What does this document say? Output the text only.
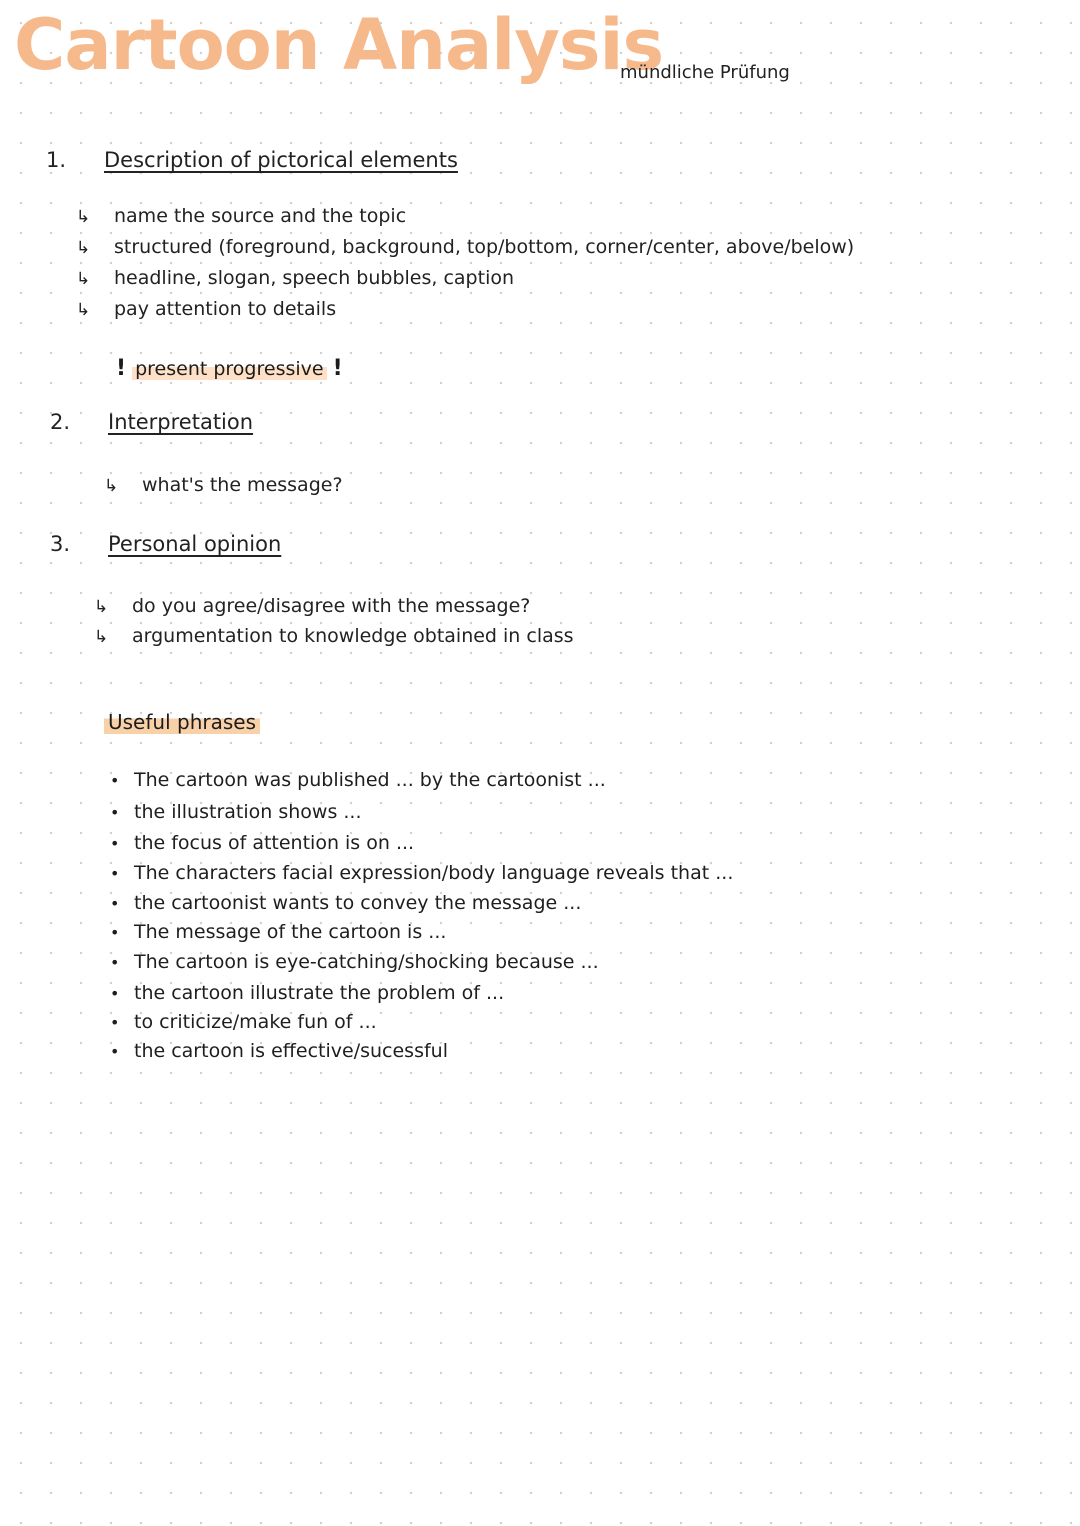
Cartoon Analysis
mündliche Prüfung
1. Description of pictorical elements
↳ name the source and the topic
↳ structured (foreground, background, top/bottom, corner/center, above/below)
↳ headline, slogan, speech bubbles, caption
↳ pay attention to details
! present progressive !
2. Interpretation
↳ what's the message?
3. Personal opinion
↳ do you agree/disagree with the message?
↳ argumentation to knowledge obtained in class
Useful phrases
• The cartoon was published ... by the cartoonist ...
• the illustration shows ...
• the focus of attention is on ...
• The characters facial expression/body language reveals that ...
• the cartoonist wants to convey the message ...
• The message of the cartoon is ...
• The cartoon is eye-catching/shocking because ...
• the cartoon illustrate the problem of ...
• to criticize/make fun of ...
• the cartoon is effective/sucessful
